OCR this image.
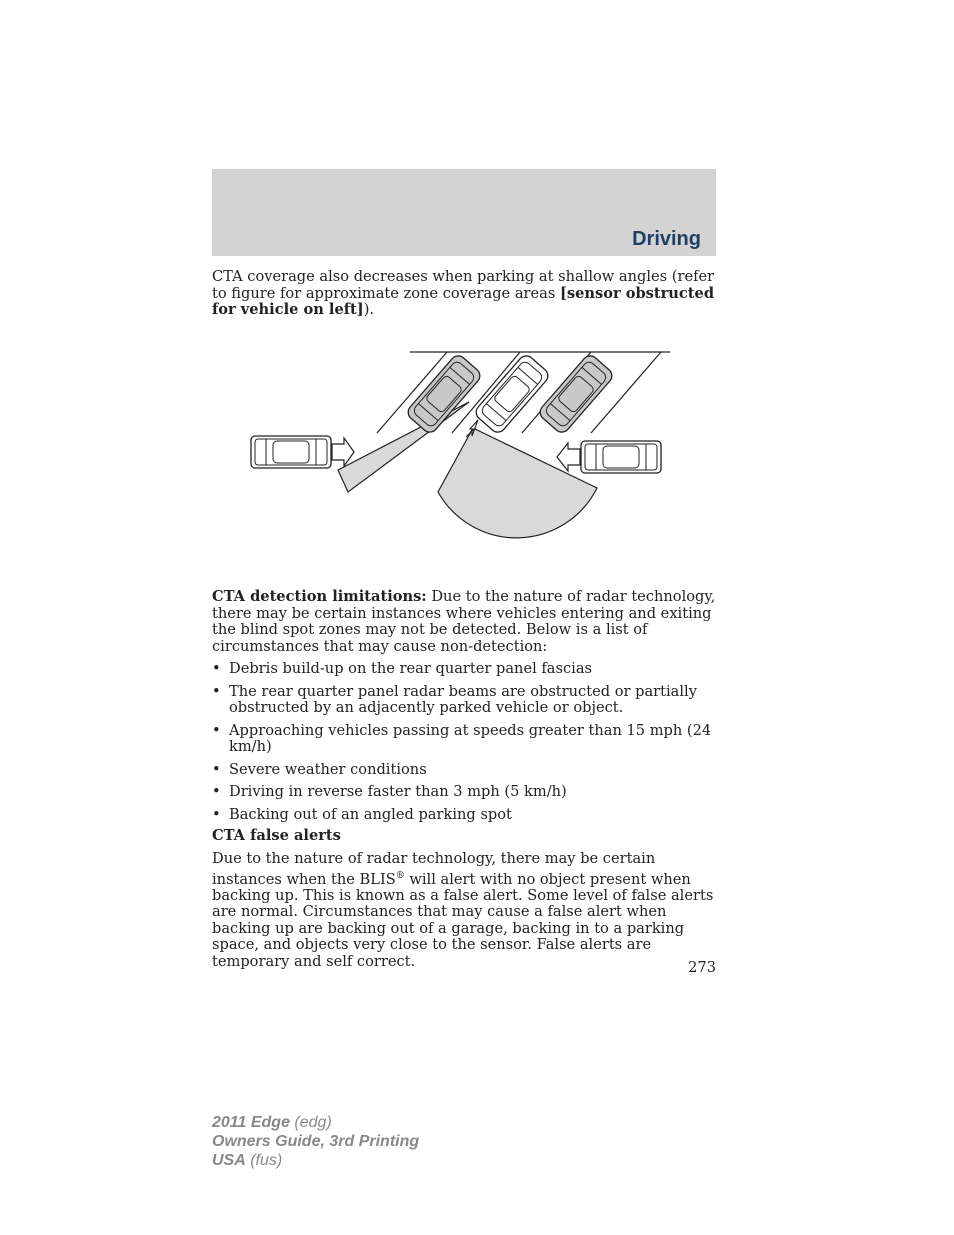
Driving
CTA coverage also decreases when parking at shallow angles (refer to figure for approximate zone coverage areas [sensor obstructed for vehicle on left]).
CTA detection limitations: Due to the nature of radar technology, there may be certain instances where vehicles entering and exiting the blind spot zones may not be detected. Below is a list of circumstances that may cause non-detection:
• Debris build-up on the rear quarter panel fascias
• The rear quarter panel radar beams are obstructed or partially obstructed by an adjacently parked vehicle or object.
• Approaching vehicles passing at speeds greater than 15 mph (24 km/h)
• Severe weather conditions
• Driving in reverse faster than 3 mph (5 km/h)
• Backing out of an angled parking spot
CTA false alerts
Due to the nature of radar technology, there may be certain instances when the BLIS® will alert with no object present when backing up. This is known as a false alert. Some level of false alerts are normal. Circumstances that may cause a false alert when backing up are backing out of a garage, backing in to a parking space, and objects very close to the sensor. False alerts are temporary and self correct.	273
2011 Edge (edg)
Owners Guide, 3rd Printing
USA (fus)
